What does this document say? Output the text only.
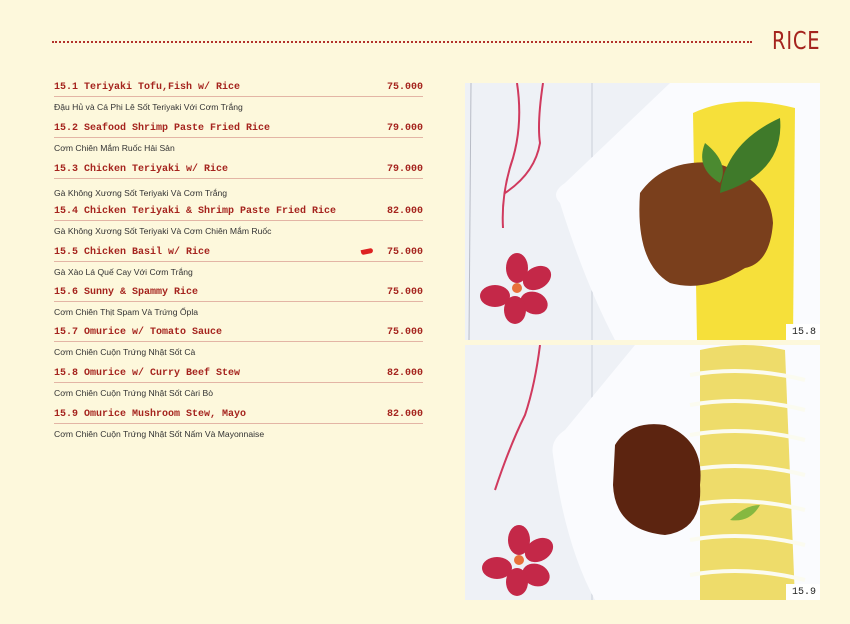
RICE
15.1 Teriyaki Tofu,Fish w/ Rice	75.000
Đậu Hủ và Cá Phi Lê Sốt Teriyaki Với Cơm Trắng
15.2 Seafood Shrimp Paste Fried Rice	79.000
Cơm Chiên Mắm Ruốc Hải Sản
15.3 Chicken Teriyaki w/ Rice	79.000
Gà Không Xương Sốt Teriyaki Và Cơm Trắng
15.4 Chicken Teriyaki & Shrimp Paste Fried Rice	82.000
Gà Không Xương Sốt Teriyaki Và Cơm Chiên Mắm Ruốc
15.5 Chicken Basil w/ Rice	75.000
Gà Xào Lá Quế Cay Với Cơm Trắng
15.6 Sunny & Spammy Rice	75.000
Cơm Chiên Thịt Spam Và Trứng Ốpla
15.7 Omurice w/ Tomato Sauce	75.000
Cơm Chiên Cuộn Trứng Nhật Sốt Cà
15.8 Omurice w/ Curry Beef Stew	82.000
Cơm Chiên Cuộn Trứng Nhật Sốt Càri Bò
15.9 Omurice Mushroom Stew, Mayo	82.000
Cơm Chiên Cuộn Trứng Nhật Sốt Nấm Và Mayonnaise
15.8
15.9
